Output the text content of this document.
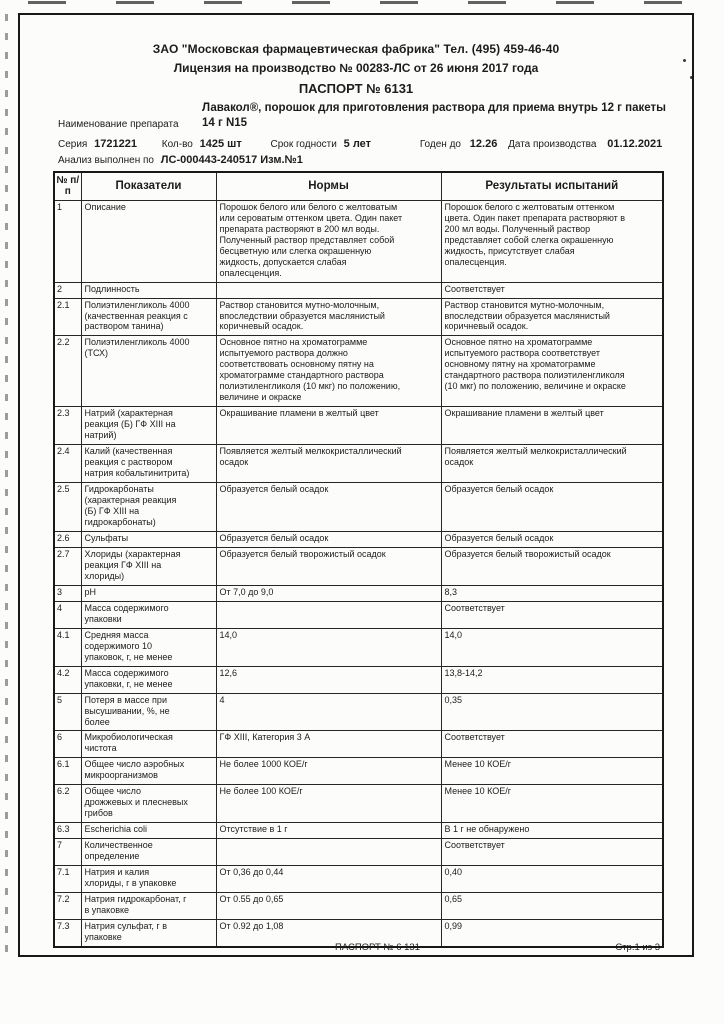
ЗАО "Московская фармацевтическая фабрика" Тел. (495) 459-46-40
Лицензия на производство № 00283-ЛС от 26 июня 2017 года
ПАСПОРТ № 6131
Лавакол®, порошок для приготовления раствора для приема внутрь 12 г пакеты
Наименование препарата 14 г N15
Серия 1721221 Кол-во 1425 шт	Срок годности 5 лет	Годен до 12.26 Дата производства 01.12.2021
Анализ выполнен по ЛС-000443-240517 Изм.№1
№ п/п	Показатели	Нормы	Результаты испытаний
1	Описание	Порошок белого или белого с желтоватым или сероватым оттенком цвета. Один пакет препарата растворяют в 200 мл воды. Полученный раствор представляет собой бесцветную или слегка окрашенную жидкость, допускается слабая опалесценция.	Порошок белого с желтоватым оттенком цвета. Один пакет препарата растворяют в 200 мл воды. Полученный раствор представляет собой слегка окрашенную жидкость, присутствует слабая опалесценция.
2	Подлинность		Соответствует
2.1	Полиэтиленгликоль 4000 (качественная реакция с раствором танина)	Раствор становится мутно-молочным, впоследствии образуется маслянистый коричневый осадок.	Раствор становится мутно-молочным, впоследствии образуется маслянистый коричневый осадок.
2.2	Полиэтиленгликоль 4000 (ТСХ)	Основное пятно на хроматограмме испытуемого раствора должно соответствовать основному пятну на хроматограмме стандартного раствора полиэтиленгликоля (10 мкг) по положению, величине и окраске	Основное пятно на хроматограмме испытуемого раствора соответствует основному пятну на хроматограмме стандартного раствора полиэтиленгликоля (10 мкг) по положению, величине и окраске
2.3	Натрий (характерная реакция (Б) ГФ XIII на натрий)	Окрашивание пламени в желтый цвет	Окрашивание пламени в желтый цвет
2.4	Калий (качественная реакция с раствором натрия кобальтинитрита)	Появляется желтый мелкокристаллический осадок	Появляется желтый мелкокристаллический осадок
2.5	Гидрокарбонаты (характерная реакция (Б) ГФ XIII на гидрокарбонаты)	Образуется белый осадок	Образуется белый осадок
2.6	Сульфаты	Образуется белый осадок	Образуется белый осадок
2.7	Хлориды (характерная реакция ГФ XIII на хлориды)	Образуется белый творожистый осадок	Образуется белый творожистый осадок
3	pH	От 7,0 до 9,0	8,3
4	Масса содержимого упаковки		Соответствует
4.1	Средняя масса содержимого 10 упаковок, г, не менее	14,0	14,0
4.2	Масса содержимого упаковки, г, не менее	12,6	13,8-14,2
5	Потеря в массе при высушивании, %, не более	4	0,35
6	Микробиологическая чистота	ГФ XIII, Категория 3 А	Соответствует
6.1	Общее число аэробных микроорганизмов	Не более 1000 КОЕ/г	Менее 10 КОЕ/г
6.2	Общее число дрожжевых и плесневых грибов	Не более 100 КОЕ/г	Менее 10 КОЕ/г
6.3	Escherichia coli	Отсутствие в 1 г	В 1 г не обнаружено
7	Количественное определение		Соответствует
7.1	Натрия и калия хлориды, г в упаковке	От 0,36 до 0,44	0,40
7.2	Натрия гидрокарбонат, г в упаковке	От 0.55 до 0,65	0,65
7.3	Натрия сульфат, г в упаковке	От 0.92 до 1,08	0,99
ПАСПОРТ № 6 131	Стр.1 из 3
